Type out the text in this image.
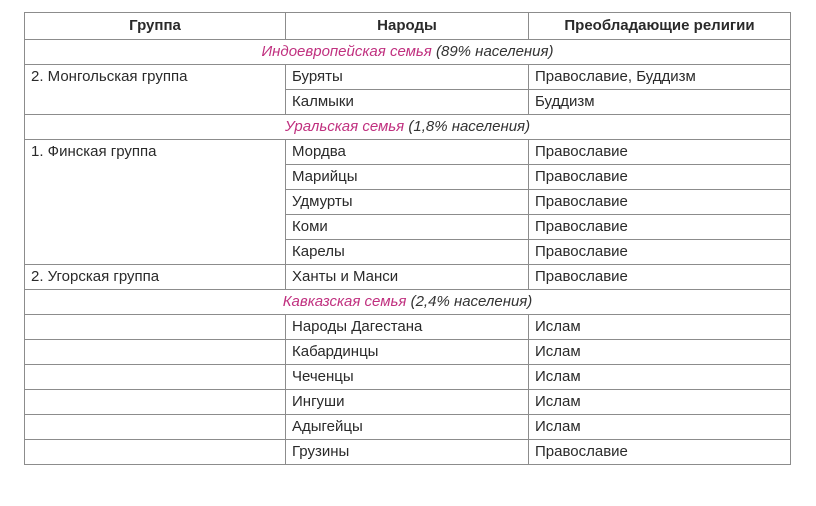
Группа	Народы	Преобладающие религии
Индоевропейская семья (89% населения)		
2. Монгольская группа	Буряты	Православие, Буддизм
	Калмыки	Буддизм
Уральская семья (1,8% населения)		
1. Финская группа	Мордва	Православие
	Марийцы	Православие
	Удмурты	Православие
	Коми	Православие
	Карелы	Православие
2. Угорская группа	Ханты и Манси	Православие
Кавказская семья (2,4% населения)		
	Народы Дагестана	Ислам
	Кабардинцы	Ислам
	Чеченцы	Ислам
	Ингуши	Ислам
	Адыгейцы	Ислам
	Грузины	Православие
